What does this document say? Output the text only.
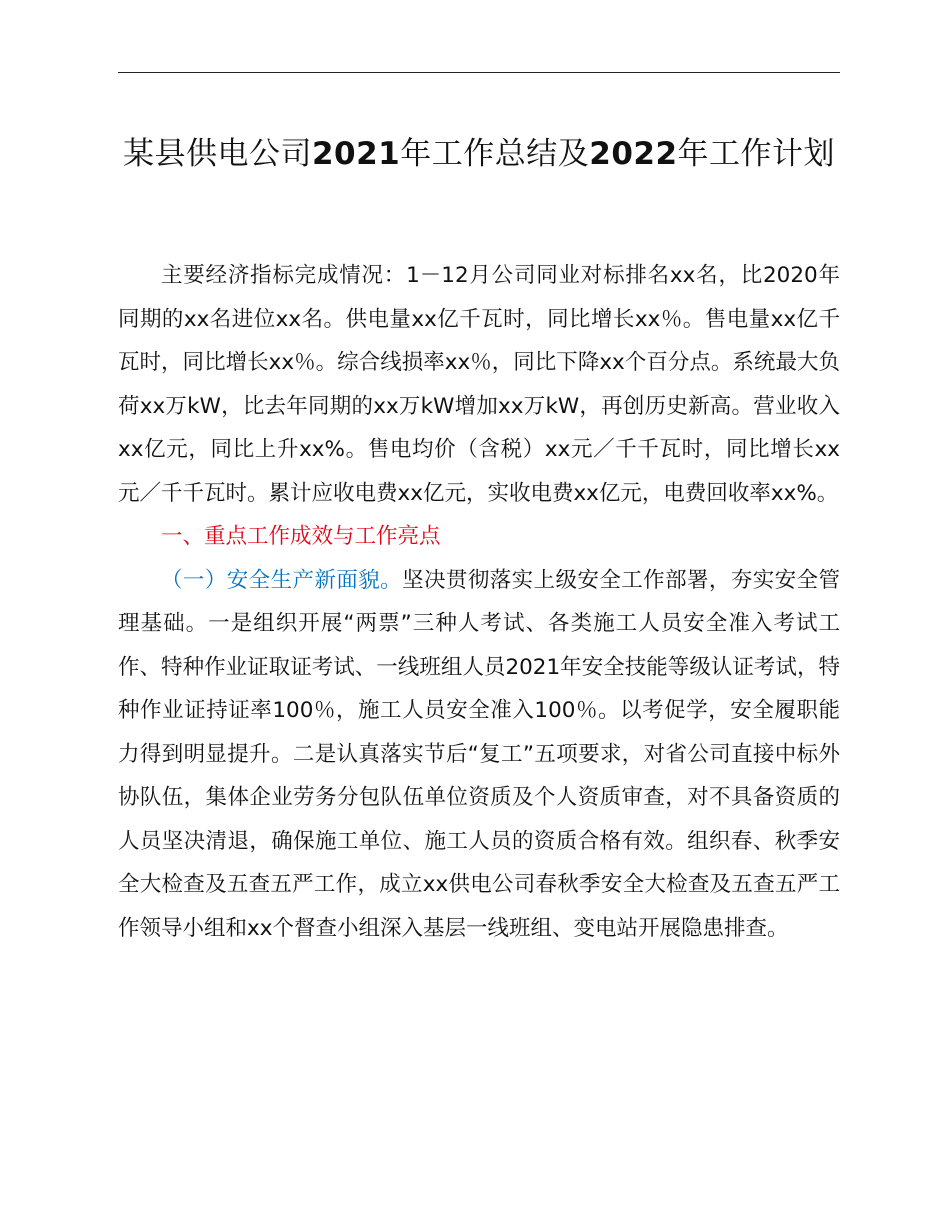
某县供电公司2021年工作总结及2022年工作计划

主要经济指标完成情况：1－12月公司同业对标排名xx名，比2020年同期的xx名进位xx名。供电量xx亿千瓦时，同比增长xx％。售电量xx亿千瓦时，同比增长xx％。综合线损率xx％，同比下降xx个百分点。系统最大负荷xx万kW，比去年同期的xx万kW增加xx万kW，再创历史新高。营业收入xx亿元，同比上升xx%。售电均价（含税）xx元／千千瓦时，同比增长xx元／千千瓦时。累计应收电费xx亿元，实收电费xx亿元，电费回收率xx%。

一、重点工作成效与工作亮点

（一）安全生产新面貌。坚决贯彻落实上级安全工作部署，夯实安全管理基础。一是组织开展“两票”三种人考试、各类施工人员安全准入考试工作、特种作业证取证考试、一线班组人员2021年安全技能等级认证考试，特种作业证持证率100％，施工人员安全准入100％。以考促学，安全履职能力得到明显提升。二是认真落实节后“复工”五项要求，对省公司直接中标外协队伍，集体企业劳务分包队伍单位资质及个人资质审查，对不具备资质的人员坚决清退，确保施工单位、施工人员的资质合格有效。组织春、秋季安全大检查及五查五严工作，成立xx供电公司春秋季安全大检查及五查五严工作领导小组和xx个督查小组深入基层一线班组、变电站开展隐患排查。
